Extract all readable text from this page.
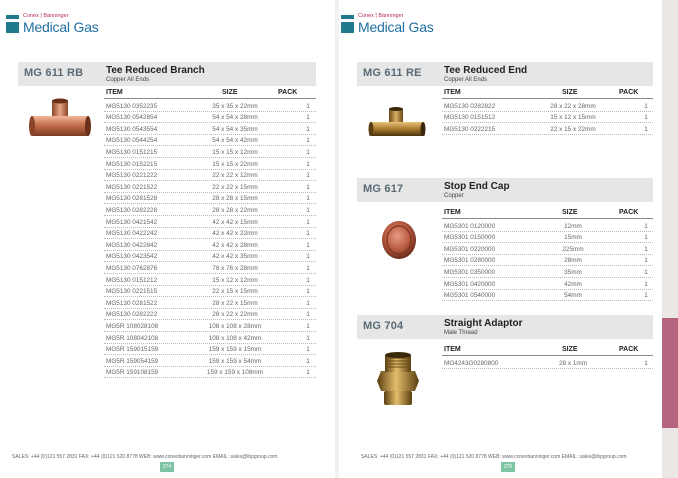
Conex | Bänninger
Medical Gas
MG 611 RB Tee Reduced Branch
Copper All Ends
ITEM	SIZE	PACK
MG5130 0352235	35 x 35 x 22mm	1
MG5130 0542854	54 x 54 x 28mm	1
MG5130 0543554	54 x 54 x 35mm	1
MG5130 0544254	54 x 54 x 42mm	1
MG5130 0151215	15 x 15 x 12mm	1
MG5130 0152215	15 x 15 x 22mm	1
MG5130 0221222	22 x 22 x 12mm	1
MG5130 0221522	22 x 22 x 15mm	1
MG5130 0281528	28 x 28 x 15mm	1
MG5130 0282228	28 x 28 x 22mm	1
MG5130 0421542	42 x 42 x 15mm	1
MG5130 0422242	42 x 42 x 22mm	1
MG5130 0422842	42 x 42 x 28mm	1
MG5130 0423542	42 x 42 x 35mm	1
MG5130 0762876	76 x 76 x 28mm	1
MG5130 0151212	15 x 12 x 12mm	1
MG5130 0221515	22 x 15 x 15mm	1
MG5130 0281522	28 x 22 x 15mm	1
MG5130 0282222	28 x 22 x 22mm	1
MG5R 108028108	108 x 108 x 28mm	1
MG5R 108042108	108 x 108 x 42mm	1
MG5R 159015159	159 x 159 x 15mm	1
MG5R 159054159	159 x 159 x 54mm	1
MG5R 159108159	159 x 159 x 108mm	1
SALES: +44 (0)121 557 2831 FAX: +44 (0)121 520 8778 WEB: www.conexbanninger.com EMAIL: sales@ibpgroup.com
274
Conex | Bänninger
Medical Gas
MG 611 RE Tee Reduced End
Copper All Ends
ITEM	SIZE	PACK
MG5130 0282822	28 x 22 x 28mm	1
MG5130 0151512	15 x 12 x 15mm	1
MG5130 0222215	22 x 15 x 22mm	1
MG 617	Stop End Cap
Copper
ITEM	SIZE	PACK
MG5301 0120000	12mm	1
MG5301 0150000	15mm	1
MG5301 0220000	225mm	1
MG5301 0280000	28mm	1
MG5301 0350000	35mm	1
MG5301 0420000	42mm	1
MG5301 0540000	54mm	1
MG 704	Straight Adaptor
Male Thread
ITEM	SIZE	PACK
MG4243G0280800	28 x 1mm	1
SALES: +44 (0)121 557 2831 FAX: +44 (0)121 520 8778 WEB: www.conexbanninger.com EMAIL: sales@ibpgroup.com
275
